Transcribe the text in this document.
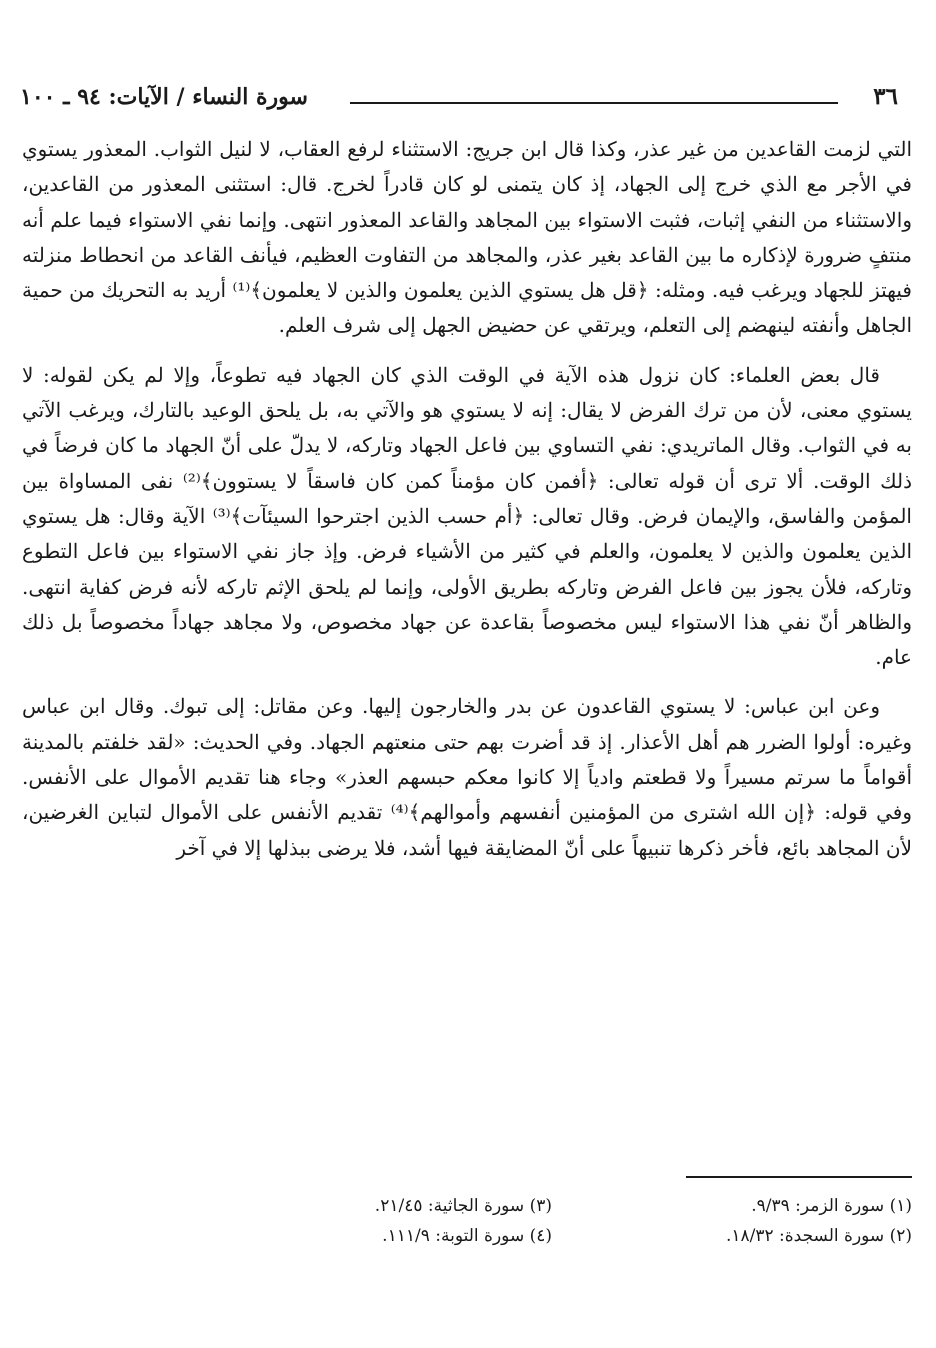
٣٦
سورة النساء / الآيات: ٩٤ ـ ١٠٠

التي لزمت القاعدين من غير عذر، وكذا قال ابن جريج: الاستثناء لرفع العقاب، لا لنيل الثواب. المعذور يستوي في الأجر مع الذي خرج إلى الجهاد، إذ كان يتمنى لو كان قادراً لخرج. قال: استثنى المعذور من القاعدين، والاستثناء من النفي إثبات، فثبت الاستواء بين المجاهد والقاعد المعذور انتهى. وإنما نفي الاستواء فيما علم أنه منتفٍ ضرورة لإذكاره ما بين القاعد بغير عذر، والمجاهد من التفاوت العظيم، فيأنف القاعد من انحطاط منزلته فيهتز للجهاد ويرغب فيه. ومثله: ﴿قل هل يستوي الذين يعلمون والذين لا يعلمون﴾⁽¹⁾ أريد به التحريك من حمية الجاهل وأنفته لينهضم إلى التعلم، ويرتقي عن حضيض الجهل إلى شرف العلم.

قال بعض العلماء: كان نزول هذه الآية في الوقت الذي كان الجهاد فيه تطوعاً، وإلا لم يكن لقوله: لا يستوي معنى، لأن من ترك الفرض لا يقال: إنه لا يستوي هو والآتي به، بل يلحق الوعيد بالتارك، ويرغب الآتي به في الثواب. وقال الماتريدي: نفي التساوي بين فاعل الجهاد وتاركه، لا يدلّ على أنّ الجهاد ما كان فرضاً في ذلك الوقت. ألا ترى أن قوله تعالى: ﴿أفمن كان مؤمناً كمن كان فاسقاً لا يستوون﴾⁽²⁾ نفى المساواة بين المؤمن والفاسق، والإيمان فرض. وقال تعالى: ﴿أم حسب الذين اجترحوا السيئآت﴾⁽³⁾ الآية وقال: هل يستوي الذين يعلمون والذين لا يعلمون، والعلم في كثير من الأشياء فرض. وإذ جاز نفي الاستواء بين فاعل التطوع وتاركه، فلأن يجوز بين فاعل الفرض وتاركه بطريق الأولى، وإنما لم يلحق الإثم تاركه لأنه فرض كفاية انتهى. والظاهر أنّ نفي هذا الاستواء ليس مخصوصاً بقاعدة عن جهاد مخصوص، ولا مجاهد جهاداً مخصوصاً بل ذلك عام.

وعن ابن عباس: لا يستوي القاعدون عن بدر والخارجون إليها. وعن مقاتل: إلى تبوك. وقال ابن عباس وغيره: أولوا الضرر هم أهل الأعذار. إذ قد أضرت بهم حتى منعتهم الجهاد. وفي الحديث: «لقد خلفتم بالمدينة أقواماً ما سرتم مسيراً ولا قطعتم وادياً إلا كانوا معكم حبسهم العذر» وجاء هنا تقديم الأموال على الأنفس. وفي قوله: ﴿إن الله اشترى من المؤمنين أنفسهم وأموالهم﴾⁽⁴⁾ تقديم الأنفس على الأموال لتباين الغرضين، لأن المجاهد بائع، فأخر ذكرها تنبيهاً على أنّ المضايقة فيها أشد، فلا يرضى ببذلها إلا في آخر

(١) سورة الزمر: ٩/٣٩.
(٢) سورة السجدة: ١٨/٣٢.
(٣) سورة الجاثية: ٢١/٤٥.
(٤) سورة التوبة: ١١١/٩.
